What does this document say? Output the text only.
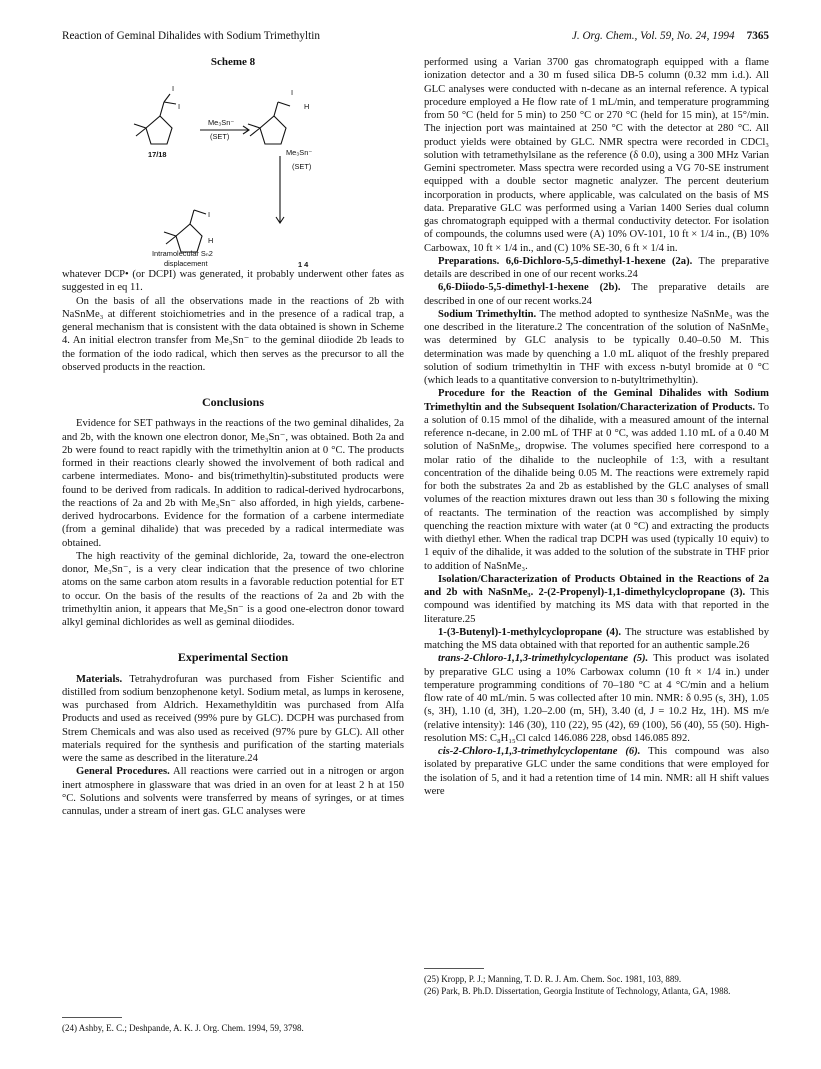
Reaction of Geminal Dihalides with Sodium Trimethyltin	J. Org. Chem., Vol. 59, No. 24, 1994 7365
Scheme 8
I
I
17/18
Me₃Sn⁻
(SET)
I
H
Me₃Sn⁻
(SET)
I
H
Intramolecular Sₙ2
displacement	1 4

whatever DCP• (or DCPI) was generated, it probably underwent other fates as suggested in eq 11.

On the basis of all the observations made in the reactions of 2b with NaSnMe₃ at different stoichiometries and in the presence of a radical trap, a general mechanism that is consistent with the data obtained is shown in Scheme 4. An initial electron transfer from Me₃Sn⁻ to the geminal diiodide 2b leads to the formation of the iodo radical, which then serves as the precursor to all the observed products in the reaction.

Conclusions

Evidence for SET pathways in the reactions of the two geminal dihalides, 2a and 2b, with the known one electron donor, Me₃Sn⁻, was obtained. Both 2a and 2b were found to react rapidly with the trimethyltin anion at 0 °C. The products formed in their reactions clearly showed the involvement of both radical and carbene intermediates. Mono- and bis(trimethyltin)-substituted products were found to be derived from radicals. In addition to radical-derived hydrocarbons, the reactions of 2a and 2b with Me₃Sn⁻ also afforded, in high yields, carbene-derived hydrocarbons. Evidence for the formation of a carbene intermediate (from a geminal dihalide) that was preceded by a radical intermediate was obtained.

The high reactivity of the geminal dichloride, 2a, toward the one-electron donor, Me₃Sn⁻, is a very clear indication that the presence of two chlorine atoms on the same carbon atom results in a favorable reduction potential for ET to occur. On the basis of the results of the reactions of 2a and 2b with the trimethyltin anion, it appears that Me₃Sn⁻ is a good one-electron donor toward alkyl geminal dichlorides as well as geminal diiodides.

Experimental Section

Materials. Tetrahydrofuran was purchased from Fisher Scientific and distilled from sodium benzophenone ketyl. Sodium metal, as lumps in kerosene, was purchased from Aldrich. Hexamethylditin was purchased from Alfa Products and used as received (99% pure by GLC). DCPH was purchased from Strem Chemicals and was also used as received (97% pure by GLC). All other materials required for the synthesis and purification of the starting materials were the same as described in the literature.24

General Procedures. All reactions were carried out in a nitrogen or argon inert atmosphere in glassware that was dried in an oven for at least 2 h at 150 °C. Solutions and solvents were transferred by means of syringes, or at times cannulas, under a stream of inert gas. GLC analyses were

(24) Ashby, E. C.; Deshpande, A. K. J. Org. Chem. 1994, 59, 3798.

performed using a Varian 3700 gas chromatograph equipped with a flame ionization detector and a 30 m fused silica DB-5 column (0.32 mm i.d.). All GLC analyses were conducted with n-decane as an internal reference. A typical procedure employed a He flow rate of 1 mL/min, and temperature programming from 50 °C (held for 5 min) to 250 °C or 270 °C (held for 15 min), at 15°/min. The injection port was maintained at 250 °C with the detector at 280 °C. All product yields were obtained by GLC. NMR spectra were recorded in CDCl₃ solution with tetramethylsilane as the reference (δ 0.0), using a 300 MHz Varian Gemini spectrometer. Mass spectra were recorded using a VG 70-SE instrument equipped with a double sector magnetic analyzer. The percent deuterium incorporation in products, where applicable, was calculated on the basis of MS data. Preparative GLC was performed using a Varian 1400 Series dual column gas chromatograph equipped with a thermal conductivity detector. For isolation of compounds, the columns used were (A) 10% OV-101, 10 ft × 1/4 in., (B) 10% Carbowax, 10 ft × 1/4 in., and (C) 10% SE-30, 6 ft × 1/4 in.

Preparations. 6,6-Dichloro-5,5-dimethyl-1-hexene (2a). The preparative details are described in one of our recent works.24

6,6-Diiodo-5,5-dimethyl-1-hexene (2b). The preparative details are described in one of our recent works.24

Sodium Trimethyltin. The method adopted to synthesize NaSnMe₃ was the one described in the literature.2 The concentration of the solution of NaSnMe₃ was determined by GLC analysis to be typically 0.40–0.50 M. This determination was made by quenching a 1.0 mL aliquot of the freshly prepared solution of sodium trimethyltin in THF with excess n-butyl bromide at 0 °C (which leads to a quantitative conversion to n-butyltrimethyltin).

Procedure for the Reaction of the Geminal Dihalides with Sodium Trimethyltin and the Subsequent Isolation/Characterization of Products. To a solution of 0.15 mmol of the dihalide, with a measured amount of the internal reference n-decane, in 2.00 mL of THF at 0 °C, was added 1.10 mL of a 0.40 M solution of NaSnMe₃, dropwise. The volumes specified here correspond to a molar ratio of the dihalide to the nucleophile of 1:3, with a resultant concentration of the dihalide being 0.05 M. The reactions were extremely rapid for both the substrates 2a and 2b as established by the GLC analyses of small volumes of the reaction mixtures drawn out less than 30 s following the mixing of reactants. The termination of the reaction was accomplished by simply quenching the reaction mixture with water (at 0 °C) and extracting the products with diethyl ether. When the radical trap DCPH was used (typically 10 equiv) to 1 equiv of the dihalide, it was added to the solution of the substrate in THF prior to addition of NaSnMe₃.

Isolation/Characterization of Products Obtained in the Reactions of 2a and 2b with NaSnMe₃. 2-(2-Propenyl)-1,1-dimethylcyclopropane (3). This compound was identified by matching its MS data with that reported in the literature.25

1-(3-Butenyl)-1-methylcyclopropane (4). The structure was established by matching the MS data obtained with that reported for an authentic sample.26

trans-2-Chloro-1,1,3-trimethylcyclopentane (5). This product was isolated by preparative GLC using a 10% Carbowax column (10 ft × 1/4 in.) under temperature programming conditions of 70–180 °C at 4 °C/min and a helium flow rate of 40 mL/min. 5 was collected after 10 min. NMR: δ 0.95 (s, 3H), 1.05 (s, 3H), 1.10 (d, 3H), 1.20–2.00 (m, 5H), 3.40 (d, J = 10.2 Hz, 1H). MS m/e (relative intensity): 146 (30), 110 (22), 95 (42), 69 (100), 56 (40), 55 (50). High-resolution MS: C₈H₁₅Cl calcd 146.086 228, obsd 146.085 892.

cis-2-Chloro-1,1,3-trimethylcyclopentane (6). This compound was also isolated by preparative GLC under the same conditions that were employed for the isolation of 5, and it had a retention time of 14 min. NMR: all H shift values were

(25) Kropp, P. J.; Manning, T. D. R. J. Am. Chem. Soc. 1981, 103, 889.

(26) Park, B. Ph.D. Dissertation, Georgia Institute of Technology, Atlanta, GA, 1988.
